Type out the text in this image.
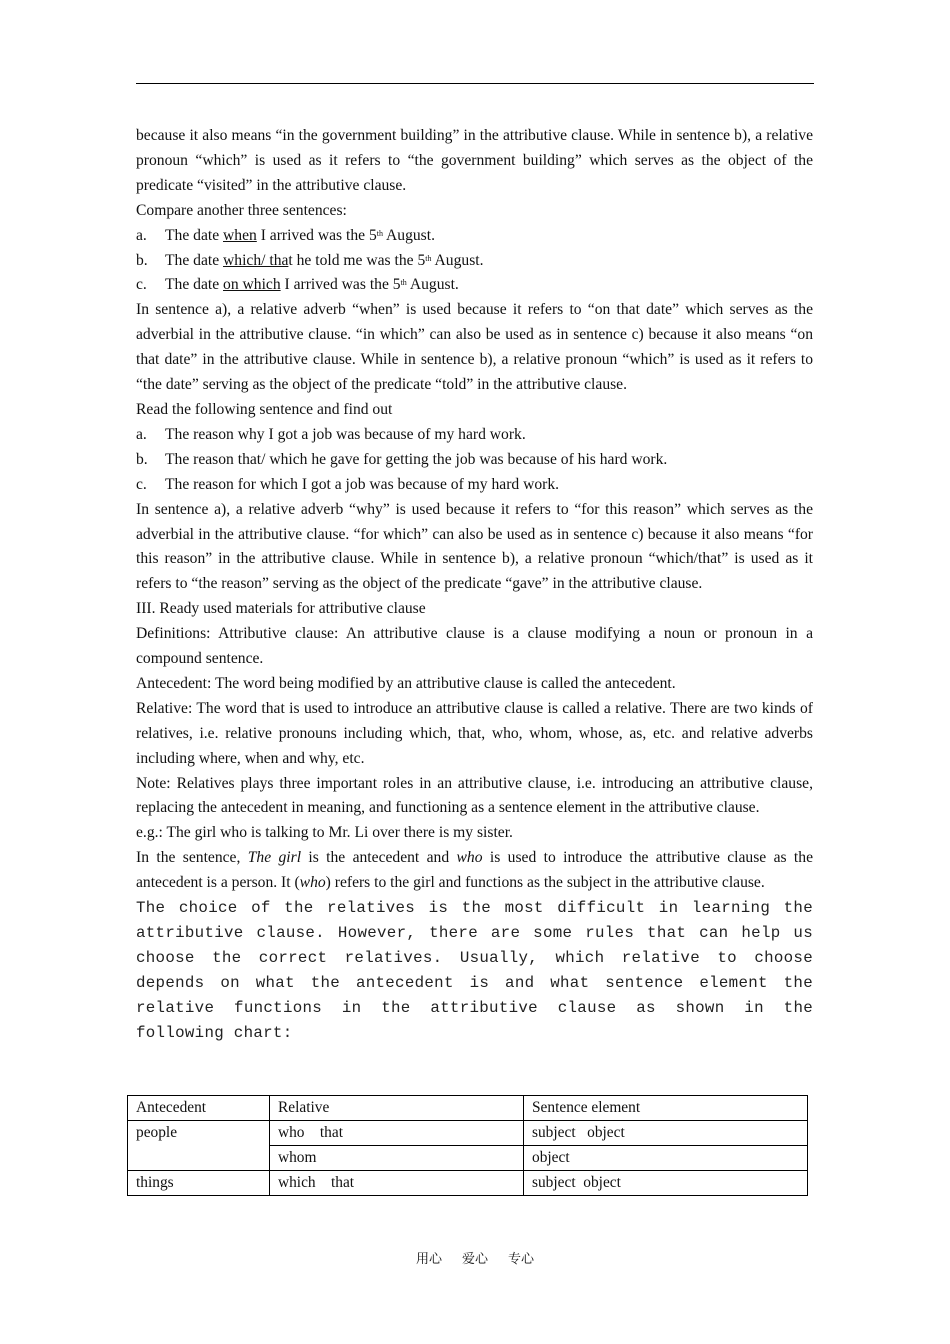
because it also means “in the government building” in the attributive clause. While in sentence b), a relative pronoun “which” is used as it refers to “the government building” which serves as the object of the predicate “visited” in the attributive clause.

Compare another three sentences:

a.	The date when I arrived was the 5th August.
b.	The date which/ that he told me was the 5th August.
c.	The date on which I arrived was the 5th August.

In sentence a), a relative adverb “when” is used because it refers to “on that date” which serves as the adverbial in the attributive clause. “in which” can also be used as in sentence c) because it also means “on that date” in the attributive clause. While in sentence b), a relative pronoun “which” is used as it refers to “the date” serving as the object of the predicate “told” in the attributive clause.

Read the following sentence and find out

a.	The reason why I got a job was because of my hard work.
b.	The reason that/ which he gave for getting the job was because of his hard work.
c.	The reason for which I got a job was because of my hard work.

In sentence a), a relative adverb “why” is used because it refers to “for this reason” which serves as the adverbial in the attributive clause. “for which” can also be used as in sentence c) because it also means “for this reason” in the attributive clause. While in sentence b), a relative pronoun “which/that” is used as it refers to “the reason” serving as the object of the predicate “gave” in the attributive clause.

III. Ready used materials for attributive clause

Definitions: Attributive clause: An attributive clause is a clause modifying a noun or pronoun in a compound sentence.

Antecedent: The word being modified by an attributive clause is called the antecedent.

Relative: The word that is used to introduce an attributive clause is called a relative. There are two kinds of relatives, i.e. relative pronouns including which, that, who, whom, whose, as, etc. and relative adverbs including where, when and why, etc.

Note: Relatives plays three important roles in an attributive clause, i.e. introducing an attributive clause, replacing the antecedent in meaning, and functioning as a sentence element in the attributive clause.

e.g.: The girl who is talking to Mr. Li over there is my sister.

In the sentence, The girl is the antecedent and who is used to introduce the attributive clause as the antecedent is a person. It (who) refers to the girl and functions as the subject in the attributive clause.

The choice of the relatives is the most difficult in learning the attributive clause. However, there are some rules that can help us choose the correct relatives. Usually, which relative to choose depends on what the antecedent is and what sentence element the relative functions in the attributive clause as shown in the following chart:

Antecedent	Relative	Sentence element
people	who    that	subject   object
	whom	object
things	which    that	subject  object
用心 爱心 专心
